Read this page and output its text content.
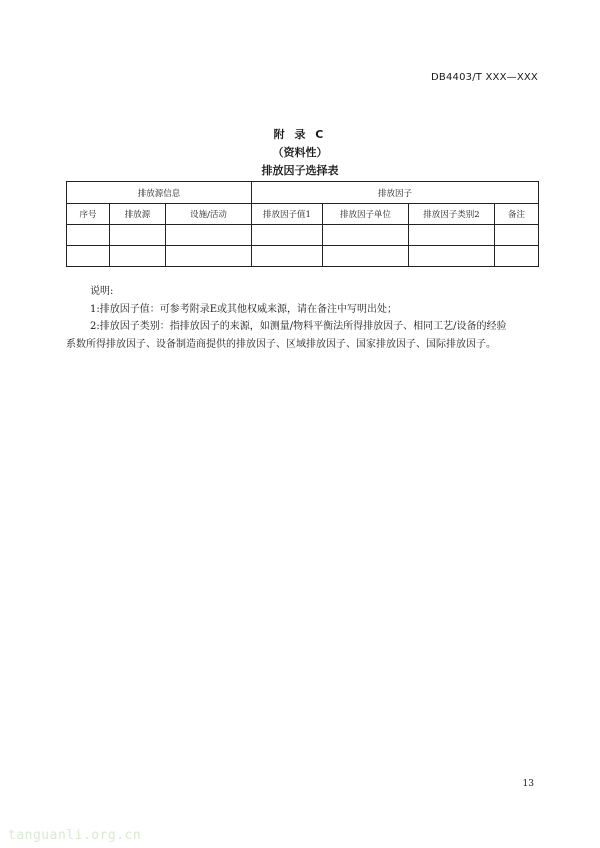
DB4403/T XXX—XXX
附 录 C
（资料性）
排放因子选择表
排放源信息			排放因子			
序号	排放源	设施/活动	排放因子值1	排放因子单位	排放因子类别2	备注

说明:
1:排放因子值：可参考附录E或其他权威来源，请在备注中写明出处；
2:排放因子类别：指排放因子的来源，如测量/物料平衡法所得排放因子、相同工艺/设备的经验
系数所得排放因子、设备制造商提供的排放因子、区域排放因子、国家排放因子、国际排放因子。
13
tanguanli.org.cn
